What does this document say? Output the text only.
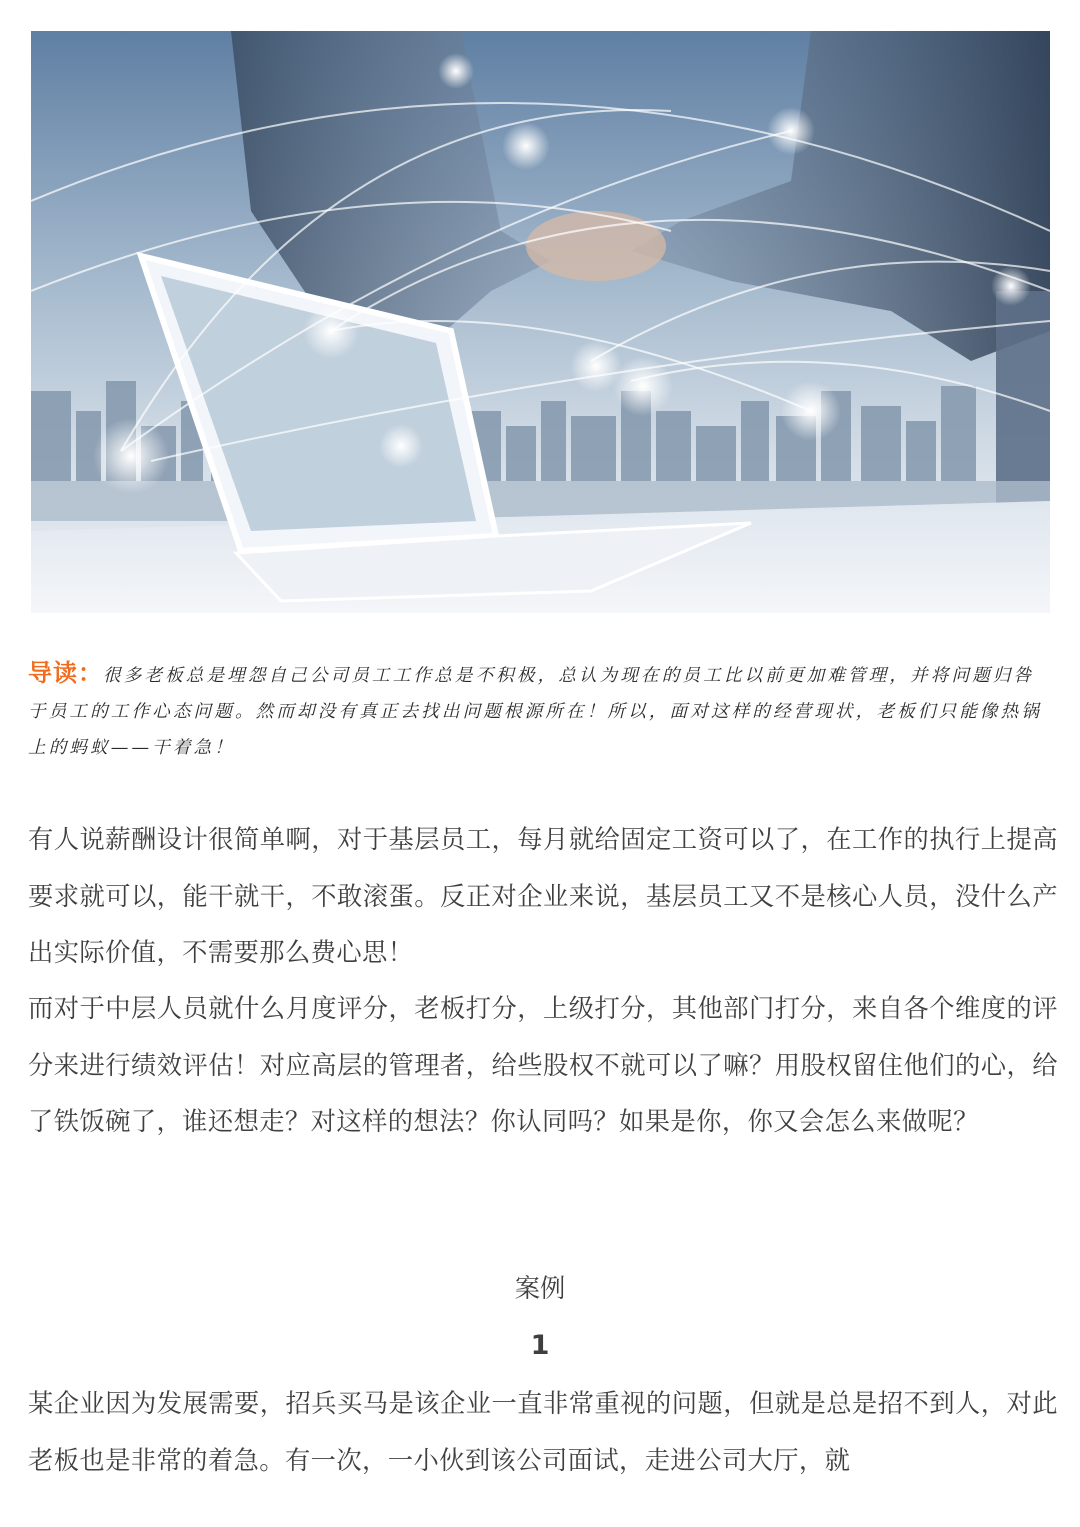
导读：很多老板总是埋怨自己公司员工工作总是不积极，总认为现在的员工比以前更加难管理，并将问题归咎于员工的工作心态问题。然而却没有真正去找出问题根源所在！所以，面对这样的经营现状，老板们只能像热锅上的蚂蚁——干着急！

有人说薪酬设计很简单啊，对于基层员工，每月就给固定工资可以了，在工作的执行上提高要求就可以，能干就干，不敢滚蛋。反正对企业来说，基层员工又不是核心人员，没什么产出实际价值，不需要那么费心思！

而对于中层人员就什么月度评分，老板打分，上级打分，其他部门打分，来自各个维度的评分来进行绩效评估！对应高层的管理者，给些股权不就可以了嘛？用股权留住他们的心，给了铁饭碗了，谁还想走？对这样的想法？你认同吗？如果是你，你又会怎么来做呢？

案例

1

某企业因为发展需要，招兵买马是该企业一直非常重视的问题，但就是总是招不到人，对此老板也是非常的着急。有一次，一小伙到该公司面试，走进公司大厅，就
